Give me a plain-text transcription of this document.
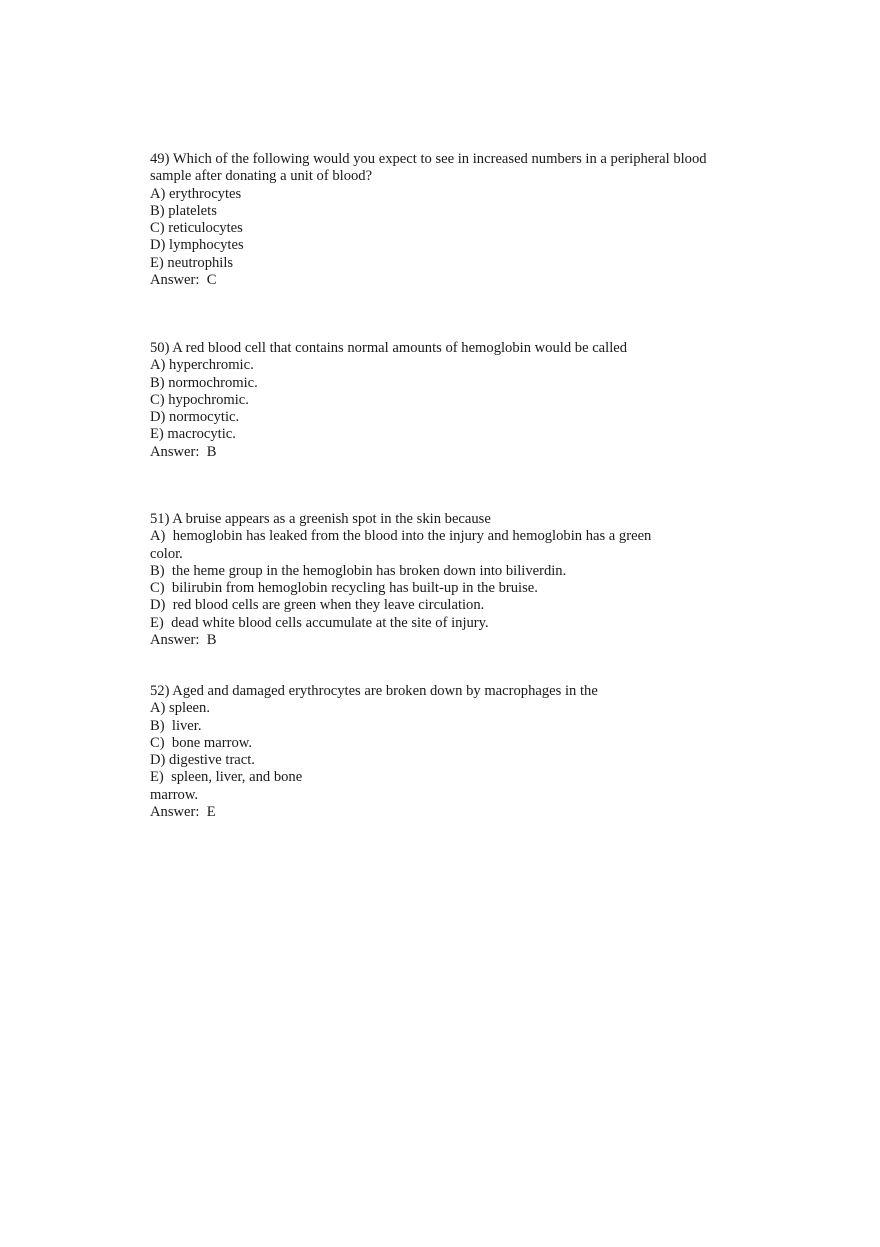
49) Which of the following would you expect to see in increased numbers in a peripheral blood
sample after donating a unit of blood?
A) erythrocytes
B) platelets
C) reticulocytes
D) lymphocytes
E) neutrophils
Answer:  C
50) A red blood cell that contains normal amounts of hemoglobin would be called
A) hyperchromic.
B) normochromic.
C) hypochromic.
D) normocytic.
E) macrocytic.
Answer:  B
51) A bruise appears as a greenish spot in the skin because
A)  hemoglobin has leaked from the blood into the injury and hemoglobin has a green
color.
B)  the heme group in the hemoglobin has broken down into biliverdin.
C)  bilirubin from hemoglobin recycling has built-up in the bruise.
D)  red blood cells are green when they leave circulation.
E)  dead white blood cells accumulate at the site of injury.
Answer:  B
52) Aged and damaged erythrocytes are broken down by macrophages in the
A) spleen.
B)  liver.
C)  bone marrow.
D) digestive tract.
E)  spleen, liver, and bone
marrow.
Answer:  E
